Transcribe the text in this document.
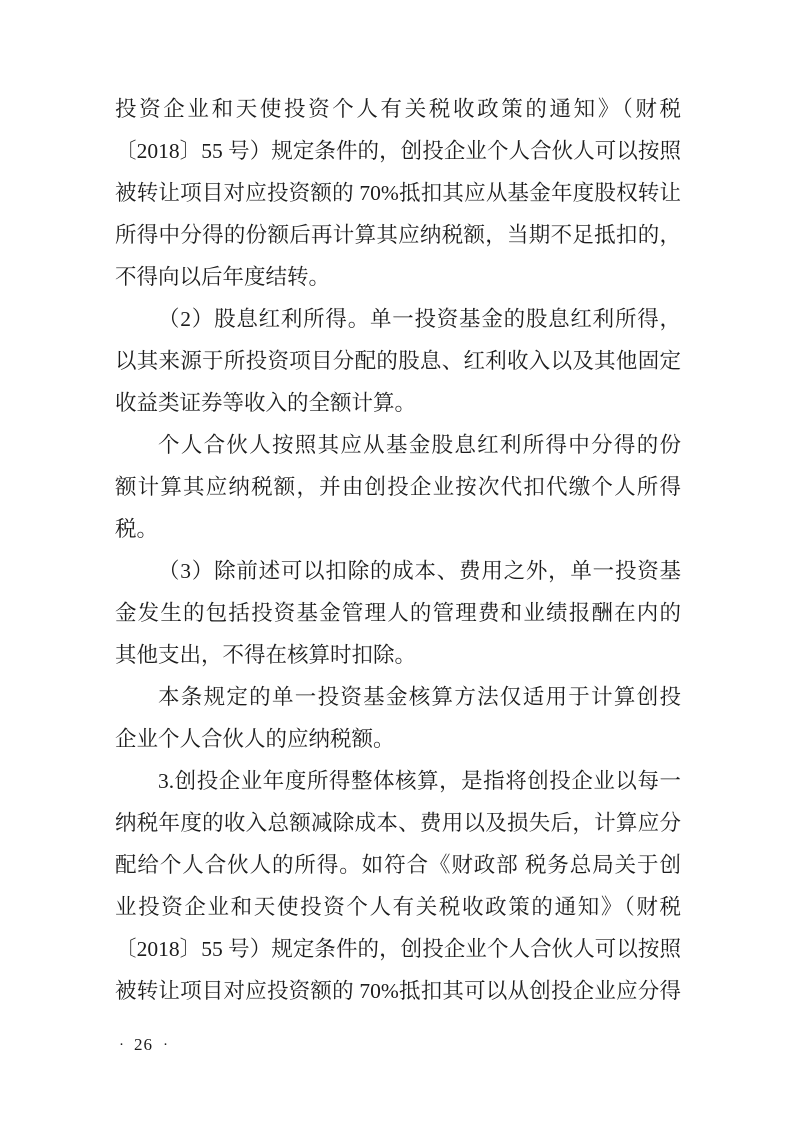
投资企业和天使投资个人有关税收政策的通知》（财税
〔2018〕55 号）规定条件的，创投企业个人合伙人可以按照
被转让项目对应投资额的 70%抵扣其应从基金年度股权转让
所得中分得的份额后再计算其应纳税额，当期不足抵扣的，
不得向以后年度结转。
（2）股息红利所得。单一投资基金的股息红利所得，
以其来源于所投资项目分配的股息、红利收入以及其他固定
收益类证券等收入的全额计算。
个人合伙人按照其应从基金股息红利所得中分得的份
额计算其应纳税额，并由创投企业按次代扣代缴个人所得
税。
（3）除前述可以扣除的成本、费用之外，单一投资基
金发生的包括投资基金管理人的管理费和业绩报酬在内的
其他支出，不得在核算时扣除。
本条规定的单一投资基金核算方法仅适用于计算创投
企业个人合伙人的应纳税额。
3.创投企业年度所得整体核算，是指将创投企业以每一
纳税年度的收入总额减除成本、费用以及损失后，计算应分
配给个人合伙人的所得。如符合《财政部 税务总局关于创
业投资企业和天使投资个人有关税收政策的通知》（财税
〔2018〕55 号）规定条件的，创投企业个人合伙人可以按照
被转让项目对应投资额的 70%抵扣其可以从创投企业应分得
· 26 ·
